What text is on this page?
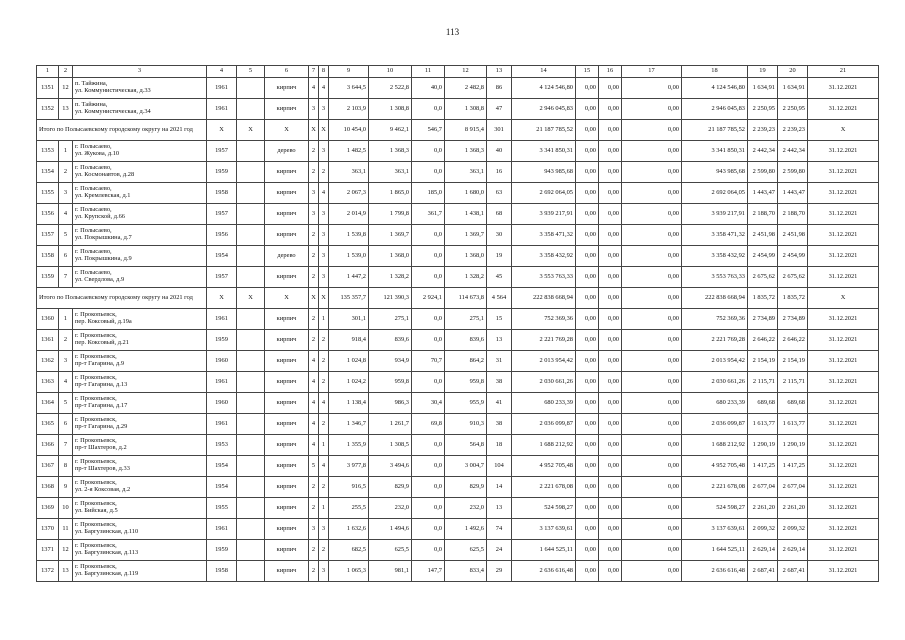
113
1	2	3	4	5	6	7	8	9	10	11	12	13	14	15	16	17	18	19	20	21
1351	12	п. Тайжина,
ул. Коммунистическая, д.33	1961		кирпич	4	4	3 644,5	2 522,8	40,0	2 482,8	86	4 124 546,80	0,00	0,00	0,00	4 124 546,80	1 634,91	1 634,91	31.12.2021
1352	13	п. Тайжина,
ул. Коммунистическая, д.34	1961		кирпич	3	3	2 103,9	1 308,8	0,0	1 308,8	47	2 946 045,83	0,00	0,00	0,00	2 946 045,83	2 250,95	2 250,95	31.12.2021
Итого по Полысаевскому городскому округу на 2021 год			X	X	X	X	X	10 454,0	9 462,1	546,7	8 915,4	301	21 187 785,52	0,00	0,00	0,00	21 187 785,52	2 239,23	2 239,23	X
1353	1	г. Полысаево,
ул. Жукова, д.10	1957		дерево	2	3	1 482,5	1 368,3	0,0	1 368,3	40	3 341 850,31	0,00	0,00	0,00	3 341 850,31	2 442,34	2 442,34	31.12.2021
1354	2	г. Полысаево,
ул. Космонавтов, д.28	1959		кирпич	2	2	363,1	363,1	0,0	363,1	16	943 985,68	0,00	0,00	0,00	943 985,68	2 599,80	2 599,80	31.12.2021
1355	3	г. Полысаево,
ул. Кремлевская, д.1	1958		кирпич	3	4	2 067,3	1 865,0	185,0	1 680,0	63	2 692 064,05	0,00	0,00	0,00	2 692 064,05	1 443,47	1 443,47	31.12.2021
1356	4	г. Полысаево,
ул. Крупской, д.66	1957		кирпич	3	3	2 014,9	1 799,8	361,7	1 438,1	68	3 939 217,91	0,00	0,00	0,00	3 939 217,91	2 188,70	2 188,70	31.12.2021
1357	5	г. Полысаево,
ул. Покрышкина, д.7	1956		кирпич	2	3	1 539,8	1 369,7	0,0	1 369,7	30	3 358 471,32	0,00	0,00	0,00	3 358 471,32	2 451,98	2 451,98	31.12.2021
1358	6	г. Полысаево,
ул. Покрышкина, д.9	1954		дерево	2	3	1 539,0	1 368,0	0,0	1 368,0	19	3 358 432,92	0,00	0,00	0,00	3 358 432,92	2 454,99	2 454,99	31.12.2021
1359	7	г. Полысаево,
ул. Свердлова, д.9	1957		кирпич	2	3	1 447,2	1 328,2	0,0	1 328,2	45	3 553 763,33	0,00	0,00	0,00	3 553 763,33	2 675,62	2 675,62	31.12.2021
Итого по Полысаевскому городскому округу на 2021 год			X	X	X	X	X	135 357,7	121 390,3	2 924,1	114 673,8	4 564	222 838 668,94	0,00	0,00	0,00	222 838 668,94	1 835,72	1 835,72	X
1360	1	г. Прокопьевск,
пер. Коксовый, д.19а	1961		кирпич	2	1	301,1	275,1	0,0	275,1	15	752 369,36	0,00	0,00	0,00	752 369,36	2 734,89	2 734,89	31.12.2021
1361	2	г. Прокопьевск,
пер. Коксовый, д.21	1959		кирпич	2	2	918,4	839,6	0,0	839,6	13	2 221 769,28	0,00	0,00	0,00	2 221 769,28	2 646,22	2 646,22	31.12.2021
1362	3	г. Прокопьевск,
пр-т Гагарина, д.9	1960		кирпич	4	2	1 024,8	934,9	70,7	864,2	31	2 013 954,42	0,00	0,00	0,00	2 013 954,42	2 154,19	2 154,19	31.12.2021
1363	4	г. Прокопьевск,
пр-т Гагарина, д.13	1961		кирпич	4	2	1 024,2	959,8	0,0	959,8	38	2 030 661,26	0,00	0,00	0,00	2 030 661,26	2 115,71	2 115,71	31.12.2021
1364	5	г. Прокопьевск,
пр-т Гагарина, д.17	1960		кирпич	4	4	1 138,4	986,3	30,4	955,9	41	680 233,39	0,00	0,00	0,00	680 233,39	689,68	689,68	31.12.2021
1365	6	г. Прокопьевск,
пр-т Гагарина, д.29	1961		кирпич	4	2	1 346,7	1 261,7	69,8	910,3	38	2 036 099,87	0,00	0,00	0,00	2 036 099,87	1 613,77	1 613,77	31.12.2021
1366	7	г. Прокопьевск,
пр-т Шахтеров, д.2	1953		кирпич	4	1	1 355,9	1 308,5	0,0	564,8	18	1 688 212,92	0,00	0,00	0,00	1 688 212,92	1 290,19	1 290,19	31.12.2021
1367	8	г. Прокопьевск,
пр-т Шахтеров, д.33	1954		кирпич	5	4	3 977,8	3 494,6	0,0	3 004,7	104	4 952 705,48	0,00	0,00	0,00	4 952 705,48	1 417,25	1 417,25	31.12.2021
1368	9	г. Прокопьевск,
ул. 2-я Коксовая, д.2	1954		кирпич	2	2	916,5	829,9	0,0	829,9	14	2 221 678,08	0,00	0,00	0,00	2 221 678,08	2 677,04	2 677,04	31.12.2021
1369	10	г. Прокопьевск,
ул. Бийская, д.5	1955		кирпич	2	1	255,5	232,0	0,0	232,0	13	524 598,27	0,00	0,00	0,00	524 598,27	2 261,20	2 261,20	31.12.2021
1370	11	г. Прокопьевск,
ул. Баргузинская, д.110	1961		кирпич	3	3	1 632,6	1 494,6	0,0	1 492,6	74	3 137 639,61	0,00	0,00	0,00	3 137 639,61	2 099,32	2 099,32	31.12.2021
1371	12	г. Прокопьевск,
ул. Баргузинская, д.113	1959		кирпич	2	2	682,5	625,5	0,0	625,5	24	1 644 525,11	0,00	0,00	0,00	1 644 525,11	2 629,14	2 629,14	31.12.2021
1372	13	г. Прокопьевск,
ул. Баргузинская, д.119	1958		кирпич	2	3	1 065,3	981,1	147,7	833,4	29	2 636 616,48	0,00	0,00	0,00	2 636 616,48	2 687,41	2 687,41	31.12.2021
